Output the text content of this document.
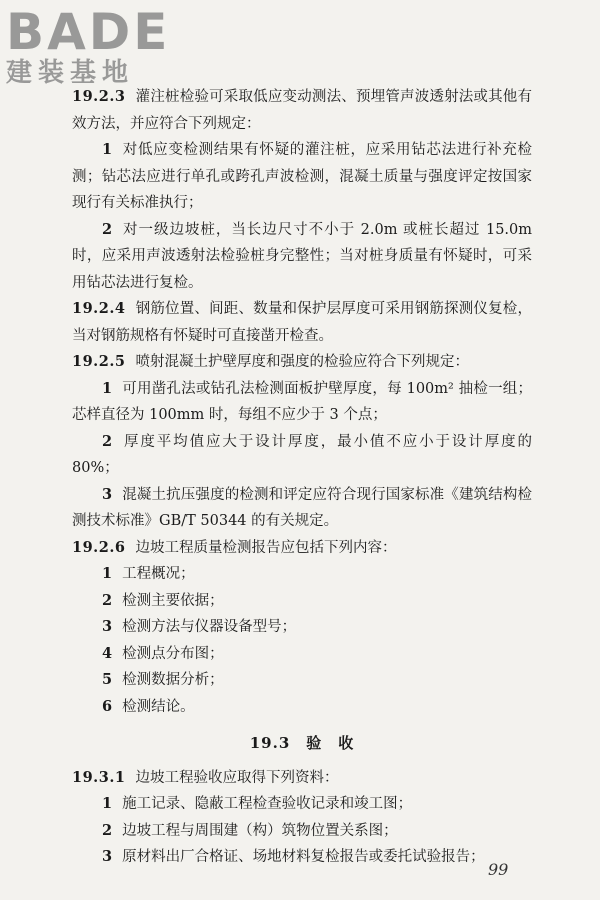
BADE
建装基地

19.2.3 灌注桩检验可采取低应变动测法、预埋管声波透射法或其他有效方法，并应符合下列规定：

1 对低应变检测结果有怀疑的灌注桩，应采用钻芯法进行补充检测；钻芯法应进行单孔或跨孔声波检测，混凝土质量与强度评定按国家现行有关标准执行；

2 对一级边坡桩，当长边尺寸不小于 2.0m 或桩长超过 15.0m 时，应采用声波透射法检验桩身完整性；当对桩身质量有怀疑时，可采用钻芯法进行复检。

19.2.4 钢筋位置、间距、数量和保护层厚度可采用钢筋探测仪复检，当对钢筋规格有怀疑时可直接凿开检查。

19.2.5 喷射混凝土护壁厚度和强度的检验应符合下列规定：

1 可用凿孔法或钻孔法检测面板护壁厚度，每 100m² 抽检一组；芯样直径为 100mm 时，每组不应少于 3 个点；

2 厚度平均值应大于设计厚度，最小值不应小于设计厚度的 80%；

3 混凝土抗压强度的检测和评定应符合现行国家标准《建筑结构检测技术标准》GB/T 50344 的有关规定。

19.2.6 边坡工程质量检测报告应包括下列内容：

1 工程概况；

2 检测主要依据；

3 检测方法与仪器设备型号；

4 检测点分布图；

5 检测数据分析；

6 检测结论。

19.3 验　收

19.3.1 边坡工程验收应取得下列资料：

1 施工记录、隐蔽工程检查验收记录和竣工图；

2 边坡工程与周围建（构）筑物位置关系图；

3 原材料出厂合格证、场地材料复检报告或委托试验报告；

99
